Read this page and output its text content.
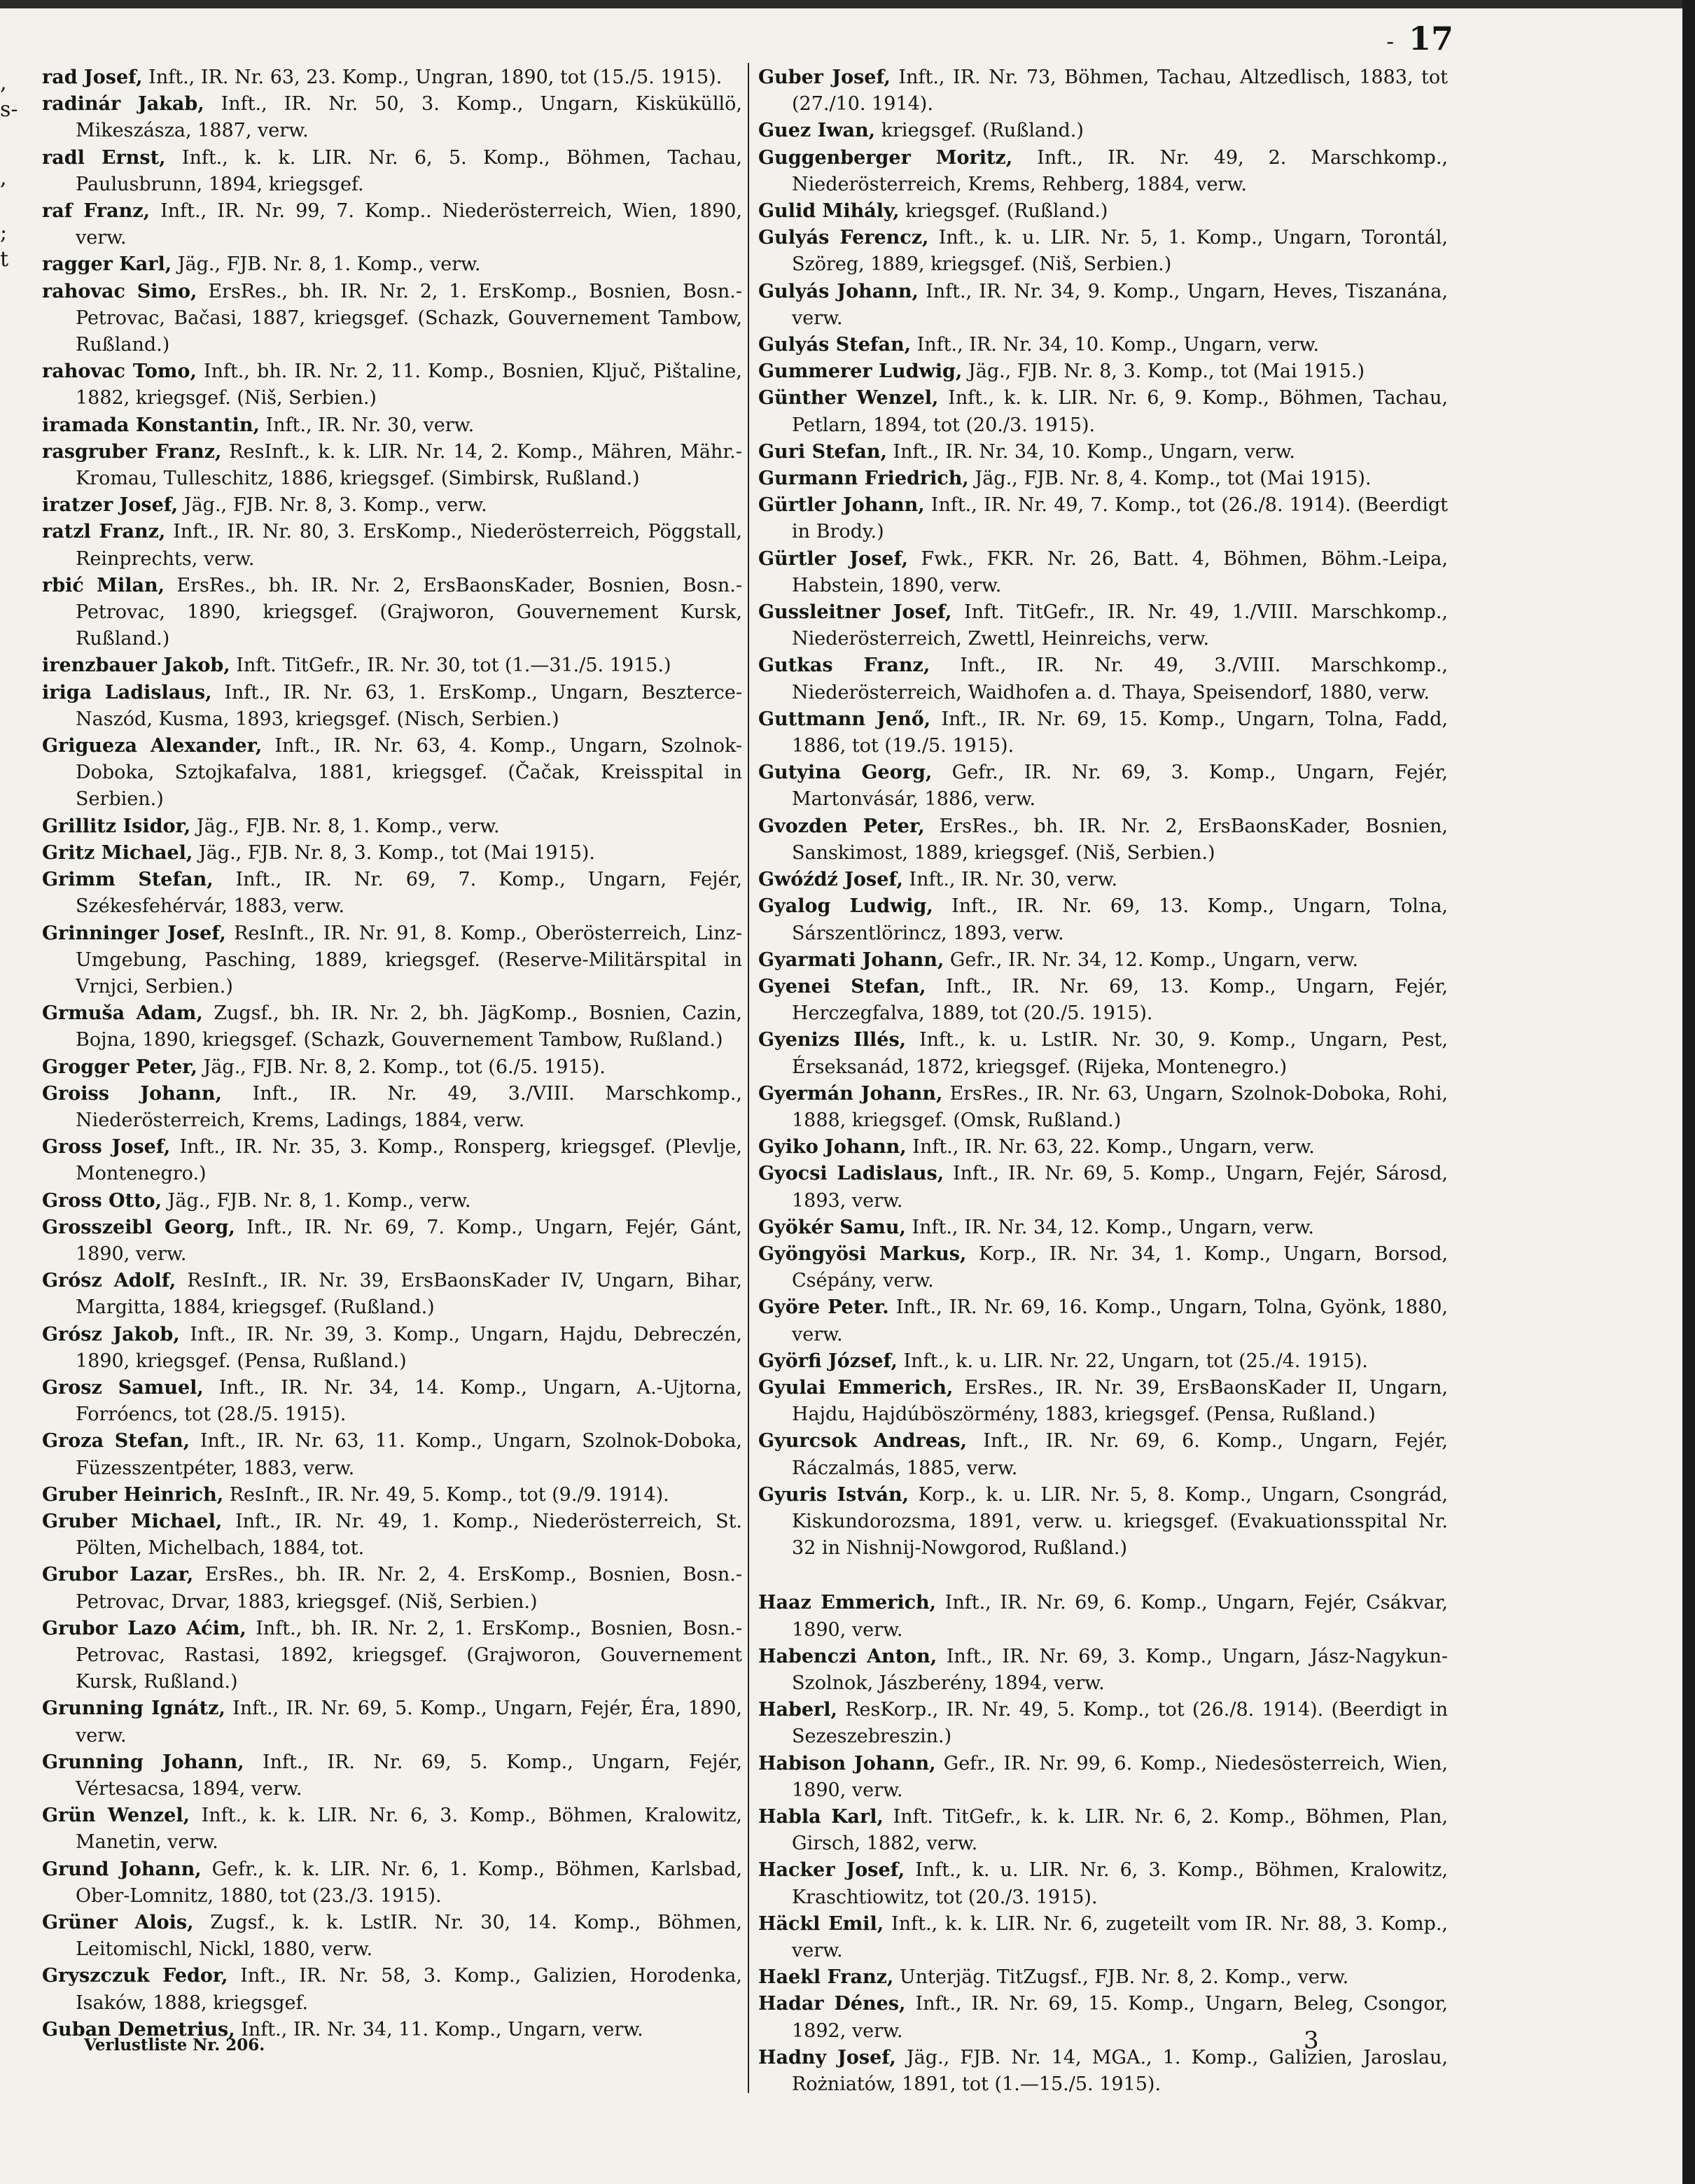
- 17
,
s-
,
;
t
rad Josef, Inft., IR. Nr. 63, 23. Komp., Ungran, 1890, tot (15./5. 1915).
radinár Jakab, Inft., IR. Nr. 50, 3. Komp., Ungarn, Kisküküllö, Mikeszásza, 1887, verw.
radl Ernst, Inft., k. k. LIR. Nr. 6, 5. Komp., Böhmen, Tachau, Paulusbrunn, 1894, kriegsgef.
raf Franz, Inft., IR. Nr. 99, 7. Komp.. Niederösterreich, Wien, 1890, verw.
ragger Karl, Jäg., FJB. Nr. 8, 1. Komp., verw.
rahovac Simo, ErsRes., bh. IR. Nr. 2, 1. ErsKomp., Bosnien, Bosn.-Petrovac, Bačasi, 1887, kriegsgef. (Schazk, Gouvernement Tambow, Rußland.)
rahovac Tomo, Inft., bh. IR. Nr. 2, 11. Komp., Bosnien, Ključ, Pištaline, 1882, kriegsgef. (Niš, Serbien.)
iramada Konstantin, Inft., IR. Nr. 30, verw.
rasgruber Franz, ResInft., k. k. LIR. Nr. 14, 2. Komp., Mähren, Mähr.-Kromau, Tulleschitz, 1886, kriegsgef. (Simbirsk, Rußland.)
iratzer Josef, Jäg., FJB. Nr. 8, 3. Komp., verw.
ratzl Franz, Inft., IR. Nr. 80, 3. ErsKomp., Niederösterreich, Pöggstall, Reinprechts, verw.
rbić Milan, ErsRes., bh. IR. Nr. 2, ErsBaonsKader, Bosnien, Bosn.-Petrovac, 1890, kriegsgef. (Grajworon, Gouvernement Kursk, Rußland.)
irenzbauer Jakob, Inft. TitGefr., IR. Nr. 30, tot (1.—31./5. 1915.)
iriga Ladislaus, Inft., IR. Nr. 63, 1. ErsKomp., Ungarn, Beszterce-Naszód, Kusma, 1893, kriegsgef. (Nisch, Serbien.)
Grigueza Alexander, Inft., IR. Nr. 63, 4. Komp., Ungarn, Szolnok-Doboka, Sztojkafalva, 1881, kriegsgef. (Čačak, Kreisspital in Serbien.)
Grillitz Isidor, Jäg., FJB. Nr. 8, 1. Komp., verw.
Gritz Michael, Jäg., FJB. Nr. 8, 3. Komp., tot (Mai 1915).
Grimm Stefan, Inft., IR. Nr. 69, 7. Komp., Ungarn, Fejér, Székesfehérvár, 1883, verw.
Grinninger Josef, ResInft., IR. Nr. 91, 8. Komp., Oberösterreich, Linz-Umgebung, Pasching, 1889, kriegsgef. (Reserve-Militärspital in Vrnjci, Serbien.)
Grmuša Adam, Zugsf., bh. IR. Nr. 2, bh. JägKomp., Bosnien, Cazin, Bojna, 1890, kriegsgef. (Schazk, Gouvernement Tambow, Rußland.)
Grogger Peter, Jäg., FJB. Nr. 8, 2. Komp., tot (6./5. 1915).
Groiss Johann, Inft., IR. Nr. 49, 3./VIII. Marschkomp., Niederösterreich, Krems, Ladings, 1884, verw.
Gross Josef, Inft., IR. Nr. 35, 3. Komp., Ronsperg, kriegsgef. (Plevlje, Montenegro.)
Gross Otto, Jäg., FJB. Nr. 8, 1. Komp., verw.
Grosszeibl Georg, Inft., IR. Nr. 69, 7. Komp., Ungarn, Fejér, Gánt, 1890, verw.
Grósz Adolf, ResInft., IR. Nr. 39, ErsBaonsKader IV, Ungarn, Bihar, Margitta, 1884, kriegsgef. (Rußland.)
Grósz Jakob, Inft., IR. Nr. 39, 3. Komp., Ungarn, Hajdu, Debreczén, 1890, kriegsgef. (Pensa, Rußland.)
Grosz Samuel, Inft., IR. Nr. 34, 14. Komp., Ungarn, A.-Ujtorna, Forróencs, tot (28./5. 1915).
Groza Stefan, Inft., IR. Nr. 63, 11. Komp., Ungarn, Szolnok-Doboka, Füzesszentpéter, 1883, verw.
Gruber Heinrich, ResInft., IR. Nr. 49, 5. Komp., tot (9./9. 1914).
Gruber Michael, Inft., IR. Nr. 49, 1. Komp., Niederösterreich, St. Pölten, Michelbach, 1884, tot.
Grubor Lazar, ErsRes., bh. IR. Nr. 2, 4. ErsKomp., Bosnien, Bosn.-Petrovac, Drvar, 1883, kriegsgef. (Niš, Serbien.)
Grubor Lazo Aćim, Inft., bh. IR. Nr. 2, 1. ErsKomp., Bosnien, Bosn.-Petrovac, Rastasi, 1892, kriegsgef. (Grajworon, Gouvernement Kursk, Rußland.)
Grunning Ignátz, Inft., IR. Nr. 69, 5. Komp., Ungarn, Fejér, Éra, 1890, verw.
Grunning Johann, Inft., IR. Nr. 69, 5. Komp., Ungarn, Fejér, Vértesacsa, 1894, verw.
Grün Wenzel, Inft., k. k. LIR. Nr. 6, 3. Komp., Böhmen, Kralowitz, Manetin, verw.
Grund Johann, Gefr., k. k. LIR. Nr. 6, 1. Komp., Böhmen, Karlsbad, Ober-Lomnitz, 1880, tot (23./3. 1915).
Grüner Alois, Zugsf., k. k. LstIR. Nr. 30, 14. Komp., Böhmen, Leitomischl, Nickl, 1880, verw.
Gryszczuk Fedor, Inft., IR. Nr. 58, 3. Komp., Galizien, Horodenka, Isaków, 1888, kriegsgef.
Guban Demetrius, Inft., IR. Nr. 34, 11. Komp., Ungarn, verw.
Guber Josef, Inft., IR. Nr. 73, Böhmen, Tachau, Altzedlisch, 1883, tot (27./10. 1914).
Guez Iwan, kriegsgef. (Rußland.)
Guggenberger Moritz, Inft., IR. Nr. 49, 2. Marschkomp., Niederösterreich, Krems, Rehberg, 1884, verw.
Gulid Mihály, kriegsgef. (Rußland.)
Gulyás Ferencz, Inft., k. u. LIR. Nr. 5, 1. Komp., Ungarn, Torontál, Szöreg, 1889, kriegsgef. (Niš, Serbien.)
Gulyás Johann, Inft., IR. Nr. 34, 9. Komp., Ungarn, Heves, Tiszanána, verw.
Gulyás Stefan, Inft., IR. Nr. 34, 10. Komp., Ungarn, verw.
Gummerer Ludwig, Jäg., FJB. Nr. 8, 3. Komp., tot (Mai 1915.)
Günther Wenzel, Inft., k. k. LIR. Nr. 6, 9. Komp., Böhmen, Tachau, Petlarn, 1894, tot (20./3. 1915).
Guri Stefan, Inft., IR. Nr. 34, 10. Komp., Ungarn, verw.
Gurmann Friedrich, Jäg., FJB. Nr. 8, 4. Komp., tot (Mai 1915).
Gürtler Johann, Inft., IR. Nr. 49, 7. Komp., tot (26./8. 1914). (Beerdigt in Brody.)
Gürtler Josef, Fwk., FKR. Nr. 26, Batt. 4, Böhmen, Böhm.-Leipa, Habstein, 1890, verw.
Gussleitner Josef, Inft. TitGefr., IR. Nr. 49, 1./VIII. Marschkomp., Niederösterreich, Zwettl, Heinreichs, verw.
Gutkas Franz, Inft., IR. Nr. 49, 3./VIII. Marschkomp., Niederösterreich, Waidhofen a. d. Thaya, Speisendorf, 1880, verw.
Guttmann Jenő, Inft., IR. Nr. 69, 15. Komp., Ungarn, Tolna, Fadd, 1886, tot (19./5. 1915).
Gutyina Georg, Gefr., IR. Nr. 69, 3. Komp., Ungarn, Fejér, Martonvásár, 1886, verw.
Gvozden Peter, ErsRes., bh. IR. Nr. 2, ErsBaonsKader, Bosnien, Sanskimost, 1889, kriegsgef. (Niš, Serbien.)
Gwóźdź Josef, Inft., IR. Nr. 30, verw.
Gyalog Ludwig, Inft., IR. Nr. 69, 13. Komp., Ungarn, Tolna, Sárszentlörincz, 1893, verw.
Gyarmati Johann, Gefr., IR. Nr. 34, 12. Komp., Ungarn, verw.
Gyenei Stefan, Inft., IR. Nr. 69, 13. Komp., Ungarn, Fejér, Herczegfalva, 1889, tot (20./5. 1915).
Gyenizs Illés, Inft., k. u. LstIR. Nr. 30, 9. Komp., Ungarn, Pest, Érseksanád, 1872, kriegsgef. (Rijeka, Montenegro.)
Gyermán Johann, ErsRes., IR. Nr. 63, Ungarn, Szolnok-Doboka, Rohi, 1888, kriegsgef. (Omsk, Rußland.)
Gyiko Johann, Inft., IR. Nr. 63, 22. Komp., Ungarn, verw.
Gyocsi Ladislaus, Inft., IR. Nr. 69, 5. Komp., Ungarn, Fejér, Sárosd, 1893, verw.
Gyökér Samu, Inft., IR. Nr. 34, 12. Komp., Ungarn, verw.
Gyöngyösi Markus, Korp., IR. Nr. 34, 1. Komp., Ungarn, Borsod, Csépány, verw.
Györe Peter. Inft., IR. Nr. 69, 16. Komp., Ungarn, Tolna, Gyönk, 1880, verw.
Györfi József, Inft., k. u. LIR. Nr. 22, Ungarn, tot (25./4. 1915).
Gyulai Emmerich, ErsRes., IR. Nr. 39, ErsBaonsKader II, Ungarn, Hajdu, Hajdúböszörmény, 1883, kriegsgef. (Pensa, Rußland.)
Gyurcsok Andreas, Inft., IR. Nr. 69, 6. Komp., Ungarn, Fejér, Ráczalmás, 1885, verw.
Gyuris István, Korp., k. u. LIR. Nr. 5, 8. Komp., Ungarn, Csongrád, Kiskundorozsma, 1891, verw. u. kriegsgef. (Evakuationsspital Nr. 32 in Nishnij-Nowgorod, Rußland.)
Haaz Emmerich, Inft., IR. Nr. 69, 6. Komp., Ungarn, Fejér, Csákvar, 1890, verw.
Habenczi Anton, Inft., IR. Nr. 69, 3. Komp., Ungarn, Jász-Nagykun-Szolnok, Jászberény, 1894, verw.
Haberl, ResKorp., IR. Nr. 49, 5. Komp., tot (26./8. 1914). (Beerdigt in Sezeszebreszin.)
Habison Johann, Gefr., IR. Nr. 99, 6. Komp., Niedesösterreich, Wien, 1890, verw.
Habla Karl, Inft. TitGefr., k. k. LIR. Nr. 6, 2. Komp., Böhmen, Plan, Girsch, 1882, verw.
Hacker Josef, Inft., k. u. LIR. Nr. 6, 3. Komp., Böhmen, Kralowitz, Kraschtiowitz, tot (20./3. 1915).
Häckl Emil, Inft., k. k. LIR. Nr. 6, zugeteilt vom IR. Nr. 88, 3. Komp., verw.
Haekl Franz, Unterjäg. TitZugsf., FJB. Nr. 8, 2. Komp., verw.
Hadar Dénes, Inft., IR. Nr. 69, 15. Komp., Ungarn, Beleg, Csongor, 1892, verw.
Hadny Josef, Jäg., FJB. Nr. 14, MGA., 1. Komp., Galizien, Jaroslau, Rożniatów, 1891, tot (1.—15./5. 1915).
Verlustliste Nr. 206.	3
